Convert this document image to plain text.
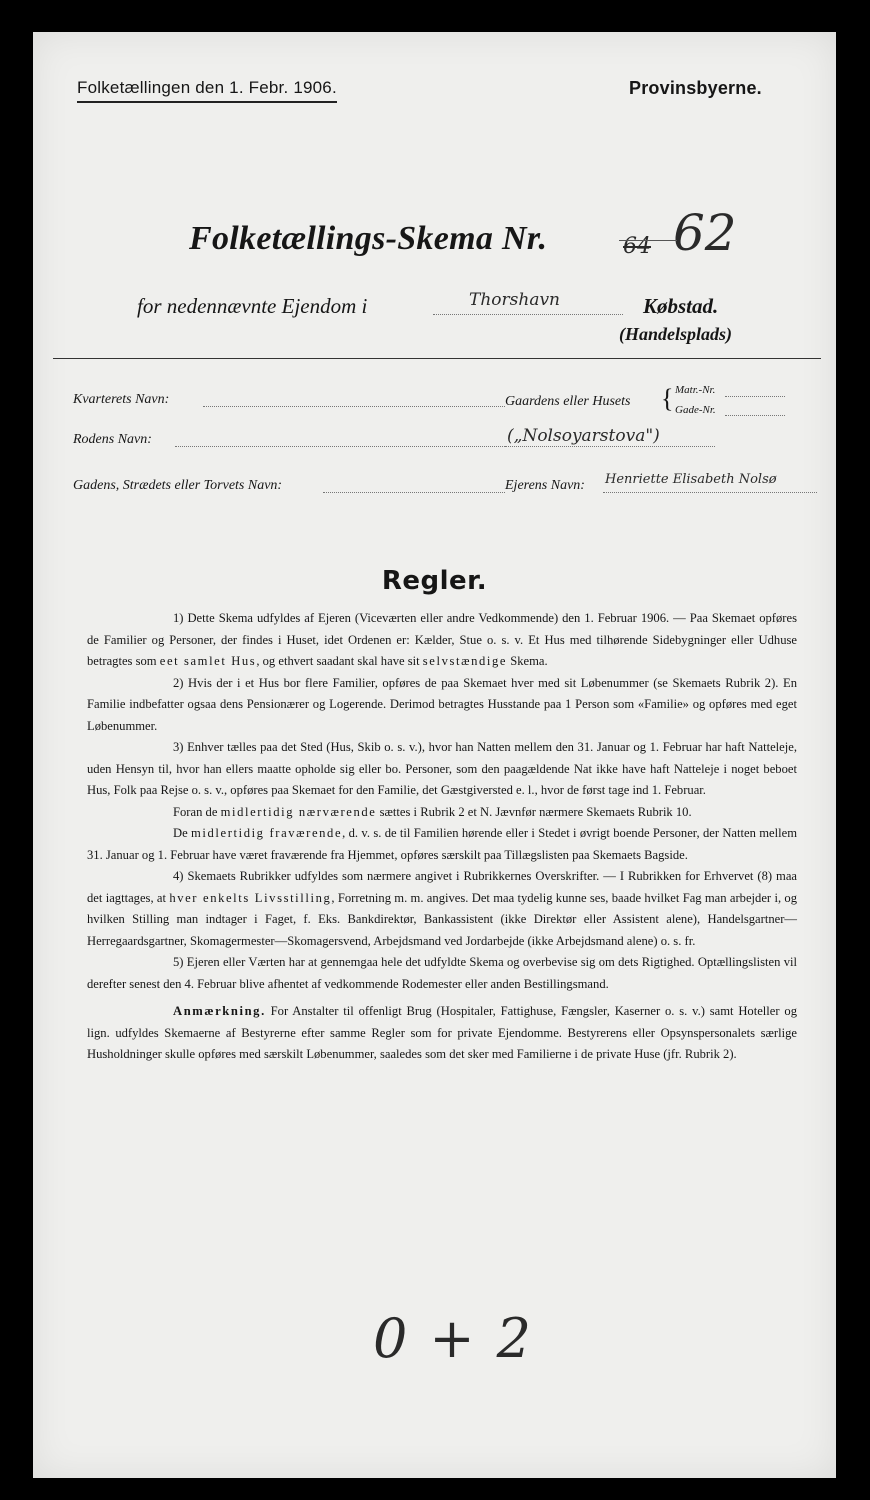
Folketællingen den 1. Febr. 1906.	Provinsbyerne.
Folketællings-Skema Nr.	64 62
for nedennævnte Ejendom i	Thorshavn	Købstad.
(Handelsplads)
Kvarterets Navn:	Gaardens eller Husets { Matr.-Nr.
Gade-Nr.
Rodens Navn:	(„Nolsoyarstova")
Gadens, Strædets eller Torvets Navn:	Ejerens Navn: Henriette Elisabeth Nolsø
Regler.

1) Dette Skema udfyldes af Ejeren (Viceværten eller andre Vedkommende) den 1. Februar 1906. — Paa Skemaet opføres de Familier og Personer, der findes i Huset, idet Ordenen er: Kælder, Stue o. s. v. Et Hus med tilhørende Sidebygninger eller Udhuse betragtes som eet samlet Hus, og ethvert saadant skal have sit selvstændige Skema.

2) Hvis der i et Hus bor flere Familier, opføres de paa Skemaet hver med sit Løbenummer (se Skemaets Rubrik 2). En Familie indbefatter ogsaa dens Pensionærer og Logerende. Derimod betragtes Husstande paa 1 Person som «Familie» og opføres med eget Løbenummer.

3) Enhver tælles paa det Sted (Hus, Skib o. s. v.), hvor han Natten mellem den 31. Januar og 1. Februar har haft Natteleje, uden Hensyn til, hvor han ellers maatte opholde sig eller bo. Personer, som den paagældende Nat ikke have haft Natteleje i noget beboet Hus, Folk paa Rejse o. s. v., opføres paa Skemaet for den Familie, det Gæstgiversted e. l., hvor de først tage ind 1. Februar.

Foran de midlertidig nærværende sættes i Rubrik 2 et N. Jævnfør nærmere Skemaets Rubrik 10.

De midlertidig fraværende, d. v. s. de til Familien hørende eller i Stedet i øvrigt boende Personer, der Natten mellem 31. Januar og 1. Februar have været fraværende fra Hjemmet, opføres særskilt paa Tillægslisten paa Skemaets Bagside.

4) Skemaets Rubrikker udfyldes som nærmere angivet i Rubrikkernes Overskrifter. — I Rubrikken for Erhvervet (8) maa det iagttages, at hver enkelts Livsstilling, Forretning m. m. angives. Det maa tydelig kunne ses, baade hvilket Fag man arbejder i, og hvilken Stilling man indtager i Faget, f. Eks. Bankdirektør, Bankassistent (ikke Direktør eller Assistent alene), Handelsgartner— Herregaardsgartner, Skomagermester—Skomagersvend, Arbejdsmand ved Jordarbejde (ikke Arbejdsmand alene) o. s. fr.

5) Ejeren eller Værten har at gennemgaa hele det udfyldte Skema og overbevise sig om dets Rigtighed. Optællingslisten vil derefter senest den 4. Februar blive afhentet af vedkommende Rodemester eller anden Bestillingsmand.

Anmærkning. For Anstalter til offenligt Brug (Hospitaler, Fattighuse, Fængsler, Kaserner o. s. v.) samt Hoteller og lign. udfyldes Skemaerne af Bestyrerne efter samme Regler som for private Ejendomme. Bestyrerens eller Opsynspersonalets særlige Husholdninger skulle opføres med særskilt Løbenummer, saaledes som det sker med Familierne i de private Huse (jfr. Rubrik 2).

0+2
